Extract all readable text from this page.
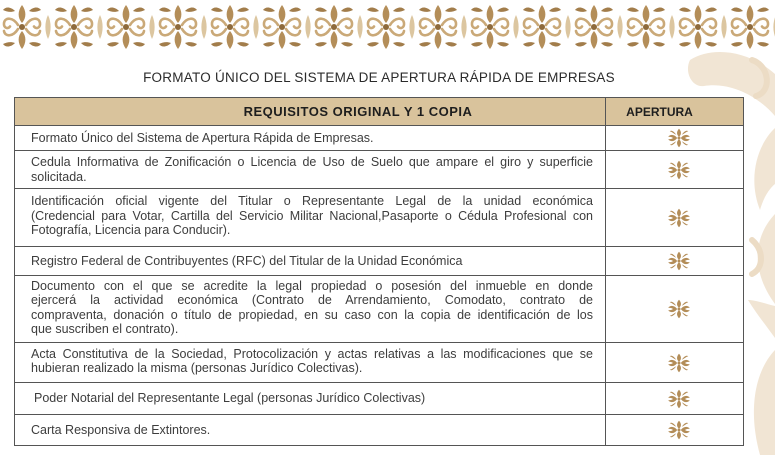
FORMATO ÚNICO DEL SISTEMA DE APERTURA RÁPIDA DE EMPRESAS
REQUISITOS ORIGINAL Y 1 COPIA	APERTURA
Formato Único del Sistema de Apertura Rápida de Empresas.
Cedula Informativa de Zonificación o Licencia de Uso de Suelo que ampare el giro y superficie
solicitada.
Identificación oficial vigente del Titular o Representante Legal de la unidad económica
(Credencial para Votar, Cartilla del Servicio Militar Nacional,Pasaporte o Cédula Profesional con
Fotografía, Licencia para Conducir).
Registro Federal de Contribuyentes (RFC) del Titular de la Unidad Económica
Documento con el que se acredite la legal propiedad o posesión del inmueble en donde
ejercerá la actividad económica (Contrato de Arrendamiento, Comodato, contrato de
compraventa, donación o título de propiedad, en su caso con la copia de identificación de los
que suscriben el contrato).
Acta Constitutiva de la Sociedad, Protocolización y actas relativas a las modificaciones que se
hubieran realizado la misma (personas Jurídico Colectivas).
Poder Notarial del Representante Legal (personas Jurídico Colectivas)
Carta Responsiva de Extintores.
